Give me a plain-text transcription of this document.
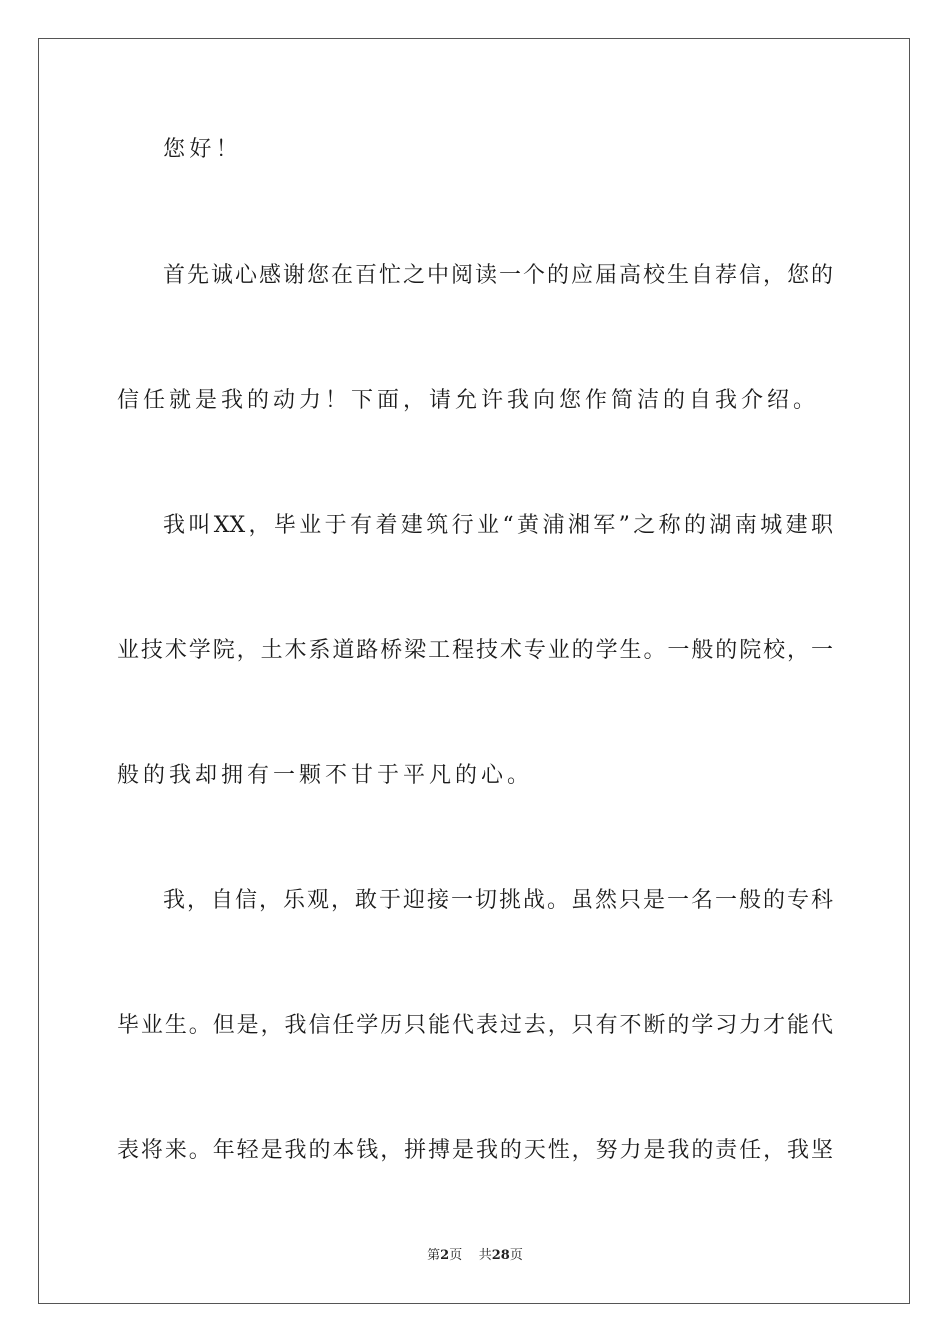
您好！
首先诚心感谢您在百忙之中阅读一个的应届高校生自荐信，您的
信任就是我的动力！下面，请允许我向您作简洁的自我介绍。
我叫XX，毕业于有着建筑行业“黄浦湘军”之称的湖南城建职
业技术学院，土木系道路桥梁工程技术专业的学生。一般的院校，一
般的我却拥有一颗不甘于平凡的心。
我，自信，乐观，敢于迎接一切挑战。虽然只是一名一般的专科
毕业生。但是，我信任学历只能代表过去，只有不断的学习力才能代
表将来。年轻是我的本钱，拼搏是我的天性，努力是我的责任，我坚
第2页 共28页
